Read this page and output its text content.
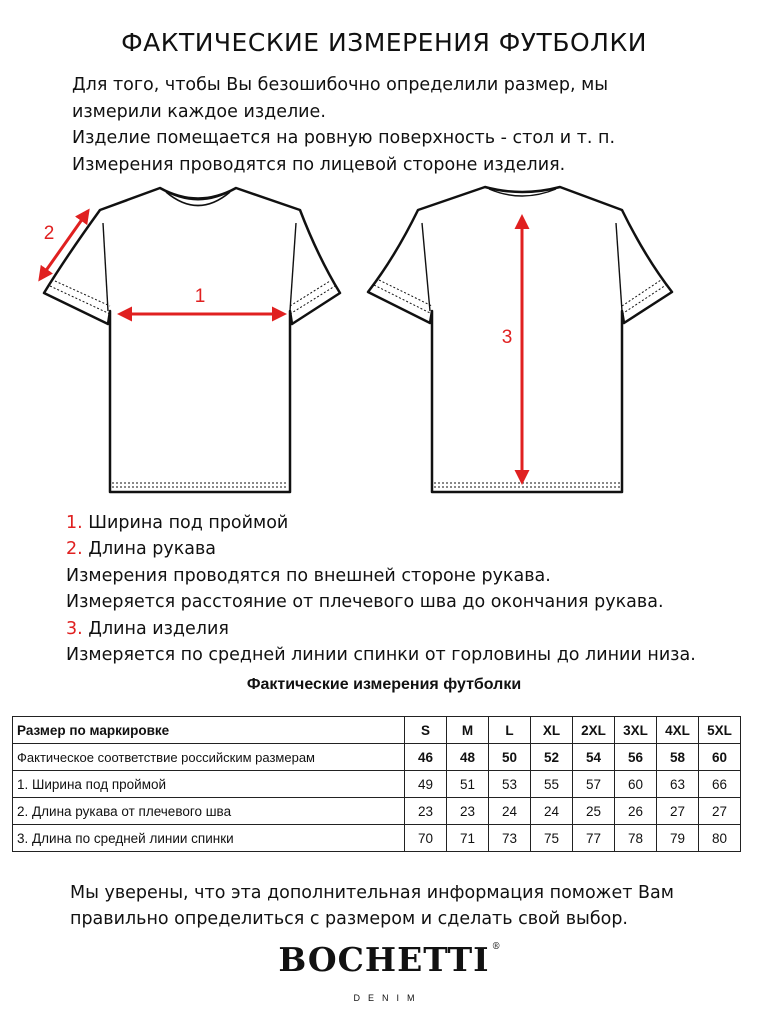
ФАКТИЧЕСКИЕ ИЗМЕРЕНИЯ ФУТБОЛКИ

Для того, чтобы Вы безошибочно определили размер, мы

измерили каждое изделие.

Изделие помещается на ровную поверхность - стол и т. п.

Измерения проводятся по лицевой стороне изделия.

1
2
3

1. Ширина под проймой

2. Длина рукава

Измерения проводятся по внешней стороне рукава.

Измеряется расстояние от плечевого шва до окончания рукава.

3. Длина изделия

Измеряется по средней линии спинки от горловины до линии низа.

Фактические измерения футболки
Размер по маркировке	S	M	L	XL	2XL	3XL	4XL	5XL
Фактическое соответствие российским размерам	46	48	50	52	54	56	58	60
1. Ширина под проймой	49	51	53	55	57	60	63	66
2. Длина рукава от плечевого шва	23	23	24	24	25	26	27	27
3. Длина по средней линии спинки	70	71	73	75	77	78	79	80

Мы уверены, что эта дополнительная информация поможет Вам

правильно определиться с размером и сделать свой выбор.

BOCHETTI ®
DENIM
